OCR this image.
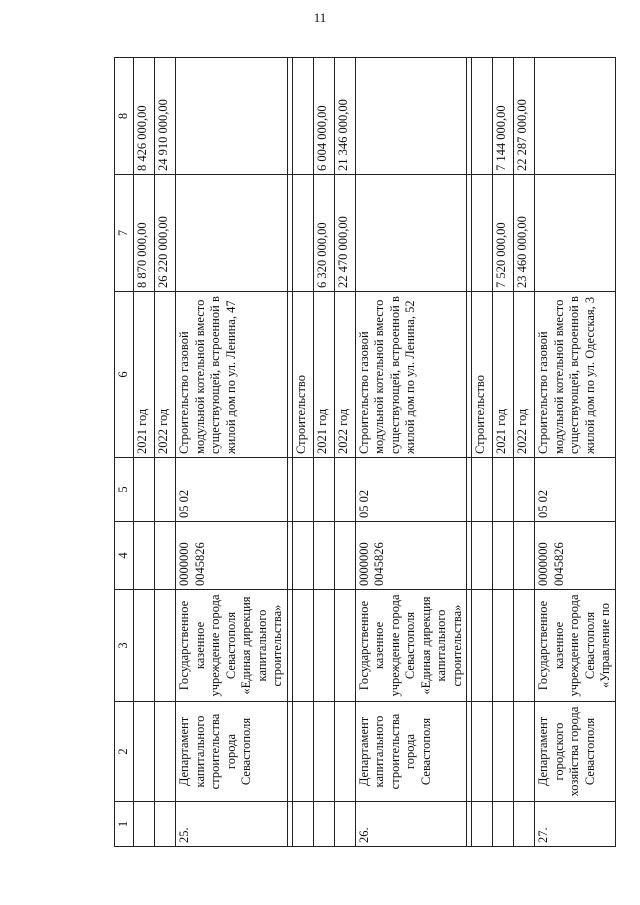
11
1	2	3	4	5	6	7	8
					2021 год	8 870 000,00	8 426 000,00
					2022 год	26 220 000,00	24 910 000,00
25.	Департамент капитального строительства города Севастополя	Государственное казенное учреждение города Севастополя «Единая дирекция капитального строительства»	0000000 0045826	05 02	Строительство газовой модульной котельной вместо существующей, встроенной в жилой дом по ул. Ленина, 47		

					Строительство		
					2021 год	6 320 000,00	6 004 000,00
					2022 год	22 470 000,00	21 346 000,00
26.	Департамент капитального строительства города Севастополя	Государственное казенное учреждение города Севастополя «Единая дирекция капитального строительства»	0000000 0045826	05 02	Строительство газовой модульной котельной вместо существующей, встроенной в жилой дом по ул. Ленина, 52		

					Строительство		
					2021 год	7 520 000,00	7 144 000,00
					2022 год	23 460 000,00	22 287 000,00
27.	Департамент городского хозяйства города Севастополя	Государственное казенное учреждение города Севастополя «Управление по	0000000 0045826	05 02	Строительство газовой модульной котельной вместо существующей, встроенной в жилой дом по ул. Одесская, 3		
